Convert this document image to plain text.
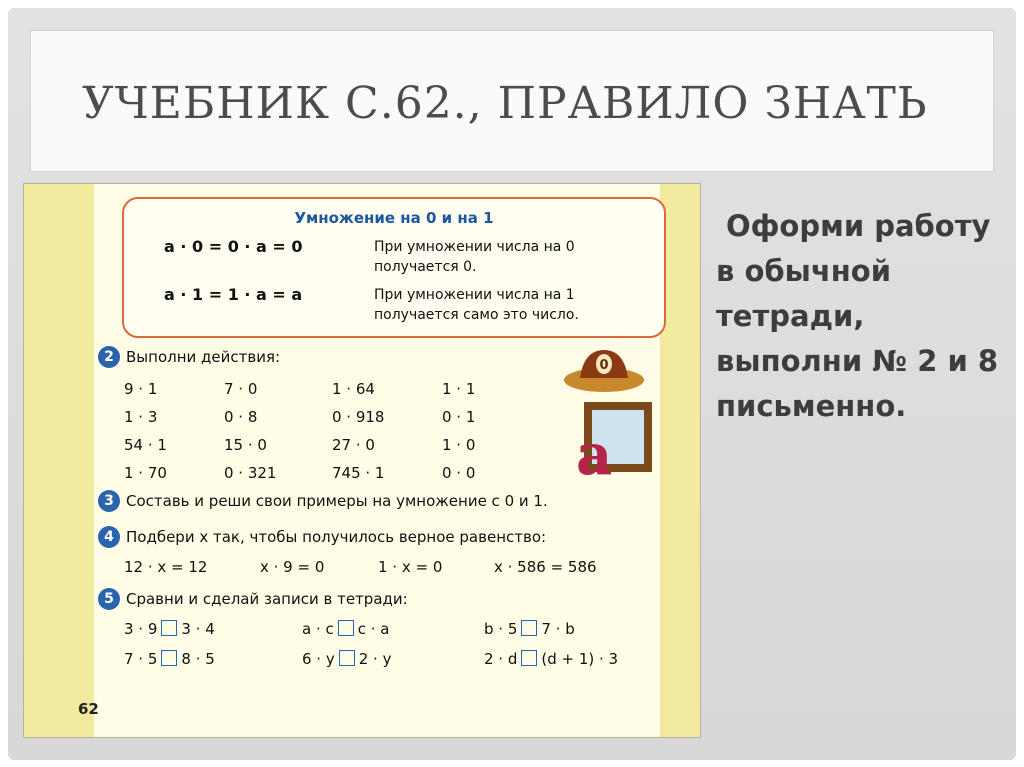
УЧЕБНИК С.62., ПРАВИЛО ЗНАТЬ
Умножение на 0 и на 1
a · 0 = 0 · a = 0	При умножении числа на 0 получается 0.
a · 1 = 1 · a = a	При умножении числа на 1 получается само это число.
2 Выполни действия:
9 · 1	7 · 0	1 · 64	1 · 1
1 · 3	0 · 8	0 · 918	0 · 1
54 · 1	15 · 0	27 · 0	1 · 0
1 · 70	0 · 321	745 · 1	0 · 0
0
a
3 Составь и реши свои примеры на умножение с 0 и 1.
4 Подбери x так, чтобы получилось верное равенство:
12 · x = 12	x · 9 = 0	1 · x = 0	x · 586 = 586
5 Сравни и сделай записи в тетради:
3 · 9 3 · 4	a · c c · a	b · 5 7 · b
7 · 5 8 · 5	6 · y 2 · y	2 · d (d + 1) · 3
62

Оформи работу в обычной тетради, выполни № 2 и 8 письменно.
